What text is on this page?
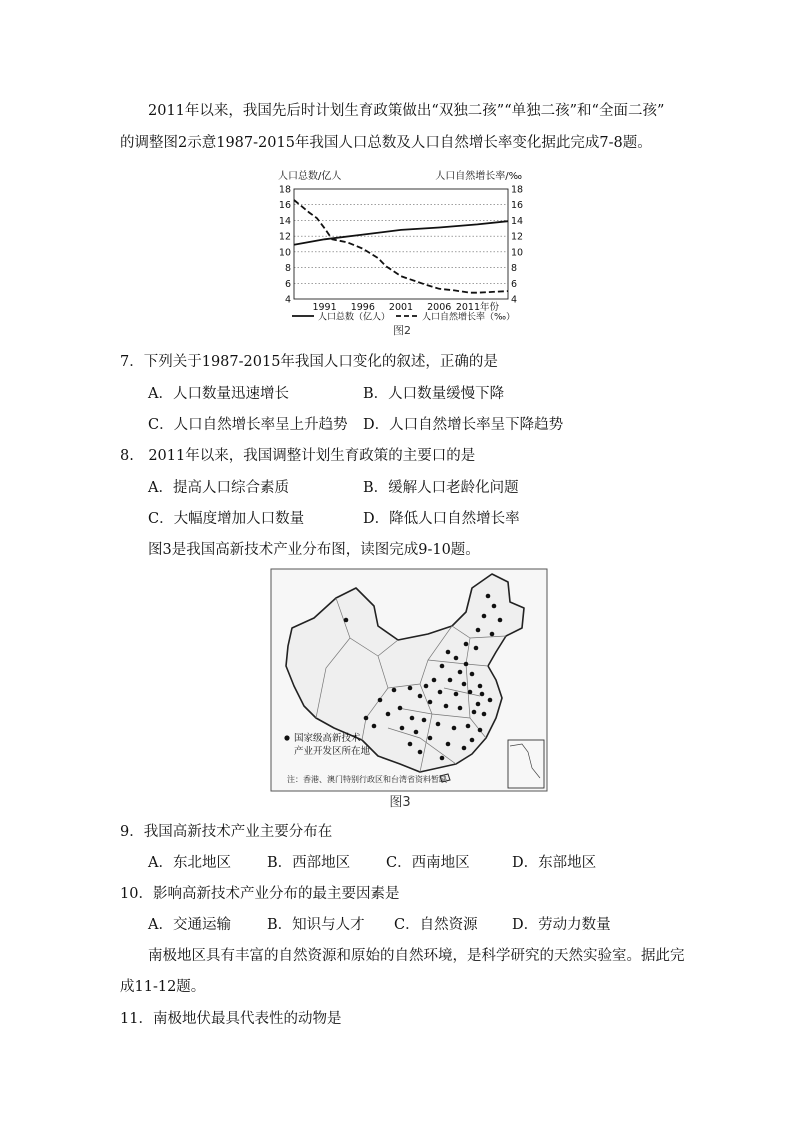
2011年以来，我国先后时计划生育政策做出“双独二孩”“单独二孩”和“全面二孩”
的调整图2示意1987-2015年我国人口总数及人口自然增长率变化据此完成7-8题。
人口总数/亿人	人口自然增长率/‰
18	18
16	16
14	14
12	12
10	10
8	8
6	6
4	4
1991 1996 2001 2006 2011年份
人口总数（亿人）	人口自然增长率（‰）
图2
7．下列关于1987-2015年我国人口变化的叙述，正确的是
A．人口数量迅速增长	B．人口数量缓慢下降
C．人口自然增长率呈上升趋势 D．人口自然增长率呈下降趋势
8.　2011年以来，我国调整计划生育政策的主要口的是
A．提高人口综合素质	B．缓解人口老龄化问题
C．大幅度增加人口数量	D．降低人口自然增长率
图3是我国高新技术产业分布图，读图完成9-10题。
国家级高新技术
产业开发区所在地
注：香港、澳门特别行政区和台湾省资料暂缺
图3
9．我国高新技术产业主要分布在
A．东北地区 B．西部地区 C．西南地区	D．东部地区
10．影响高新技术产业分布的最主要因素是
A．交通运输 B．知识与人才 C．自然资源 D．劳动力数量
南极地区具有丰富的自然资源和原始的自然环境，是科学研究的天然实验室。据此完
成11-12题。
11．南极地伏最具代表性的动物是
